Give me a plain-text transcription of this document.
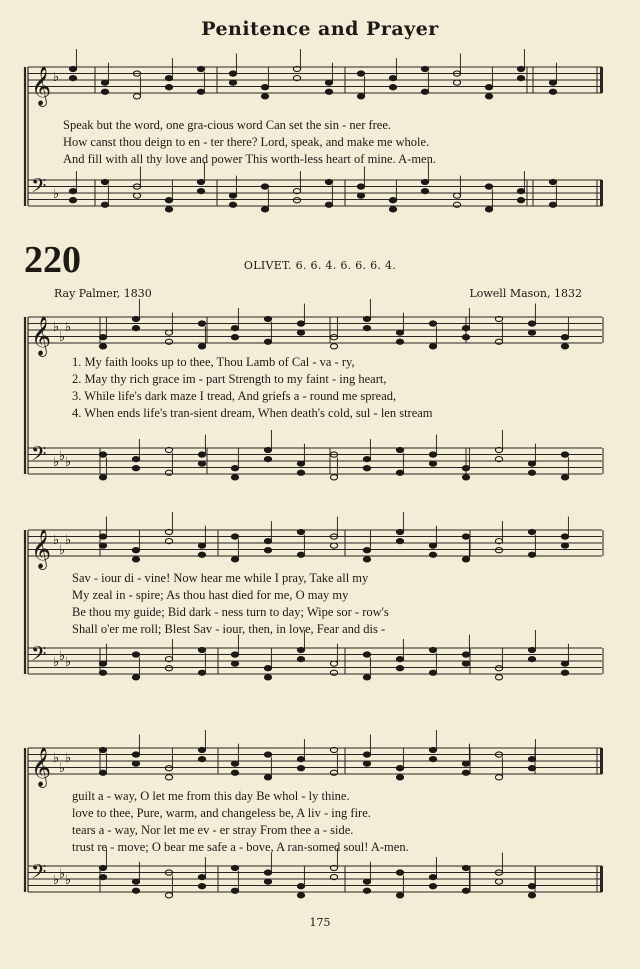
Penitence and Prayer
𝄞 ♭
𝄢 ♭
𝄞 ♭
♭
♭
𝄢 ♭ ♭ ♭
𝄞 ♭
♭
♭
𝄢 ♭ ♭ ♭
𝄞 ♭
♭
♭
𝄢 ♭ ♭ ♭
Speak but the word, one gra-cious word Can set the sin - ner free.
How canst thou deign to en - ter there? Lord, speak, and make me whole.
And fill with all thy love and power This worth-less heart of mine. A-men.
220	OLIVET. 6. 6. 4. 6. 6. 6. 4.
Ray Palmer, 1830	Lowell Mason, 1832
1. My faith looks up to thee, Thou Lamb of Cal - va - ry,
2. May thy rich grace im - part Strength to my faint - ing heart,
3. While life's dark maze I tread, And griefs a - round me spread,
4. When ends life's tran-sient dream, When death's cold, sul - len stream
Sav - iour di - vine! Now hear me while I pray, Take all my
My zeal in - spire; As thou hast died for me, O may my
Be thou my guide; Bid dark - ness turn to day; Wipe sor - row's
Shall o'er me roll; Blest Sav - iour, then, in love, Fear and dis -
guilt a - way, O let me from this day Be whol - ly thine.
love to thee, Pure, warm, and changeless be, A liv - ing fire.
tears a - way, Nor let me ev - er stray From thee a - side.
trust re - move; O bear me safe a - bove, A ran-somed soul! A-men.
175
